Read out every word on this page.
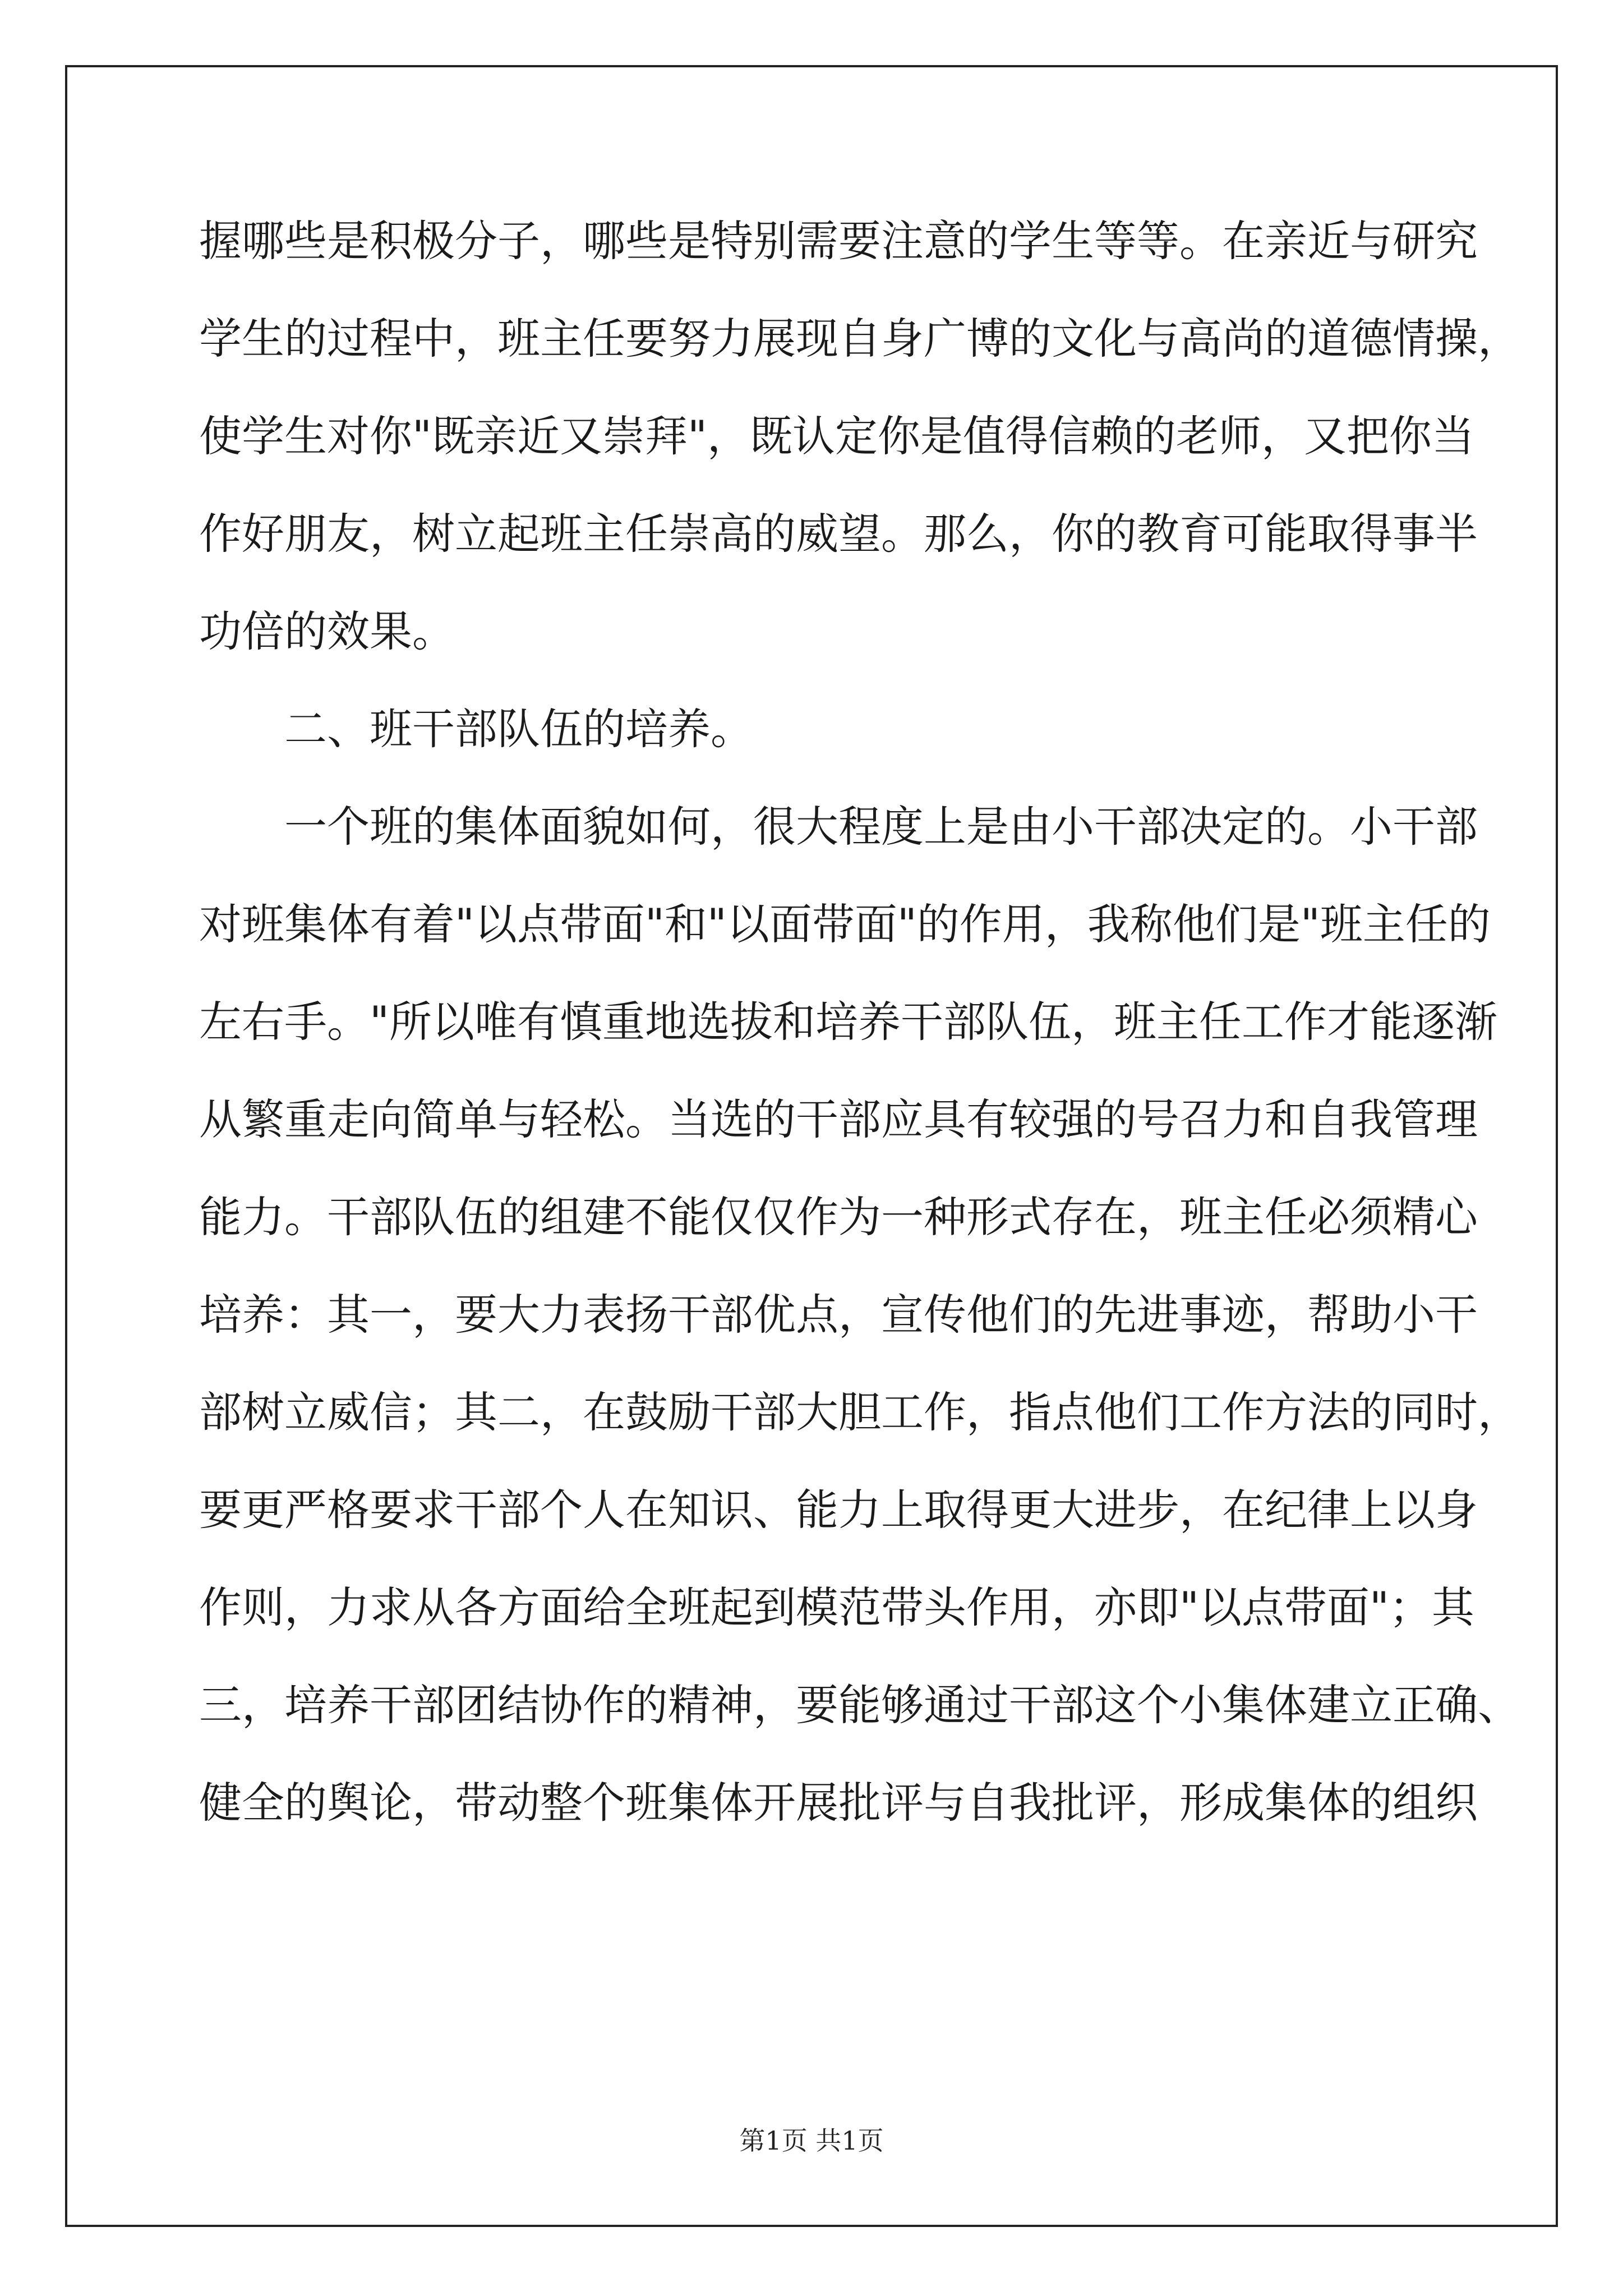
握哪些是积极分子，哪些是特别需要注意的学生等等。在亲近与研究
学生的过程中，班主任要努力展现自身广博的文化与高尚的道德情操，
使学生对你"既亲近又崇拜"，既认定你是值得信赖的老师，又把你当
作好朋友，树立起班主任崇高的威望。那么，你的教育可能取得事半
功倍的效果。
二、班干部队伍的培养。
一个班的集体面貌如何，很大程度上是由小干部决定的。小干部
对班集体有着"以点带面"和"以面带面"的作用，我称他们是"班主任的
左右手。"所以唯有慎重地选拔和培养干部队伍，班主任工作才能逐渐
从繁重走向简单与轻松。当选的干部应具有较强的号召力和自我管理
能力。干部队伍的组建不能仅仅作为一种形式存在，班主任必须精心
培养：其一，要大力表扬干部优点，宣传他们的先进事迹，帮助小干
部树立威信；其二，在鼓励干部大胆工作，指点他们工作方法的同时，
要更严格要求干部个人在知识、能力上取得更大进步，在纪律上以身
作则，力求从各方面给全班起到模范带头作用，亦即"以点带面"；其
三，培养干部团结协作的精神，要能够通过干部这个小集体建立正确、
健全的舆论，带动整个班集体开展批评与自我批评，形成集体的组织
第1页 共1页
